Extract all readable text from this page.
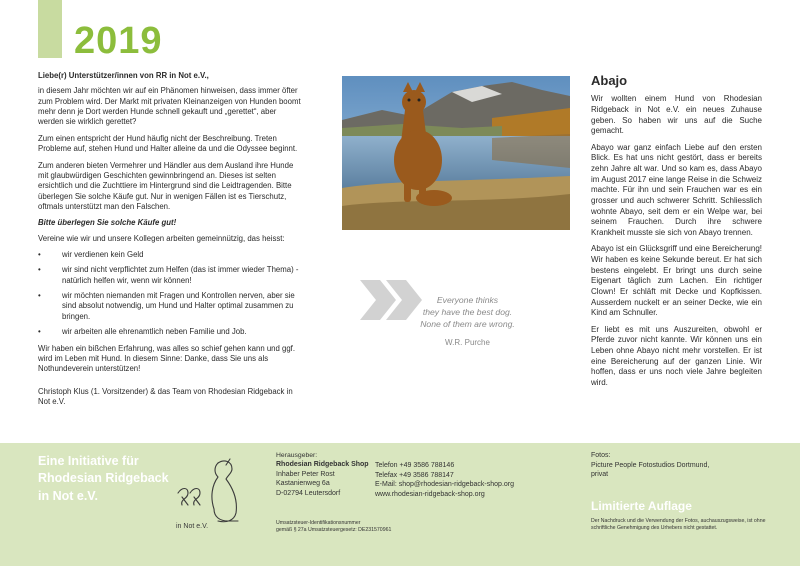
2019

Liebe(r) Unterstützer/innen von RR in Not e.V.,

in diesem Jahr möchten wir auf ein Phänomen hinweisen, dass immer öfter zum Problem wird. Der Markt mit privaten Kleinanzeigen von Hunden boomt mehr denn je Dort werden Hunde schnell gekauft und „gerettet“, aber werden sie wirklich gerettet?

Zum einen entspricht der Hund häufig nicht der Beschreibung. Treten Probleme auf, stehen Hund und Halter alleine da und die Odyssee beginnt.

Zum anderen bieten Vermehrer und Händler aus dem Ausland ihre Hunde mit glaubwürdigen Geschichten gewinnbringend an. Dieses ist selten ersichtlich und die Zuchttiere im Hintergrund sind die Leidtragenden. Bitte überlegen Sie solche Käufe gut. Nur in wenigen Fällen ist es Tierschutz, oftmals unterstützt man den Falschen.

Bitte überlegen Sie solche Käufe gut!

Vereine wie wir und unsere Kollegen arbeiten gemeinnützig, das heisst:

• wir verdienen kein Geld
• wir sind nicht verpflichtet zum Helfen (das ist immer wieder Thema) - natürlich helfen wir, wenn wir können!
• wir möchten niemanden mit Fragen und Kontrollen nerven, aber sie sind absolut notwendig, um Hund und Halter optimal zusammen zu bringen.
• wir arbeiten alle ehrenamtlich neben Familie und Job.

Wir haben ein bißchen Erfahrung, was alles so schief gehen kann und ggf. wird im Leben mit Hund. In diesem Sinne: Danke, dass Sie uns als Nothundeverein unterstützen!

Christoph Klus (1. Vorsitzender) & das Team von Rhodesian Ridgeback in Not e.V.

Everyone thinks
they have the best dog.
None of them are wrong.
W.R. Purche
Abajo

Wir wollten einem Hund von Rhodesian Ridgeback in Not e.V. ein neues Zuhause geben. So haben wir uns auf die Suche gemacht.

Abayo war ganz einfach Liebe auf den ersten Blick. Es hat uns nicht gestört, dass er bereits zehn Jahre alt war. Und so kam es, dass Abayo im August 2017 eine lange Reise in die Schweiz machte. Für ihn und sein Frauchen war es ein grosser und auch schwerer Schritt. Schliesslich wohnte Abayo, seit dem er ein Welpe war, bei seinem Frauchen. Durch ihre schwere Krankheit musste sie sich von Abayo trennen.

Abayo ist ein Glücksgriff und eine Bereicherung! Wir haben es keine Sekunde bereut. Er hat sich bestens eingelebt. Er bringt uns durch seine Eigenart täglich zum Lachen. Ein richtiger Clown! Er schläft mit Decke und Kopfkissen. Ausserdem nuckelt er an seiner Decke, wie ein Kind am Schnuller.

Er liebt es mit uns Auszureiten, obwohl er Pferde zuvor nicht kannte. Wir können uns ein Leben ohne Abayo nicht mehr vorstellen. Er ist eine Bereicherung auf der ganzen Linie. Wir hoffen, dass er uns noch viele Jahre begleiten wird.

Eine Initiative für
Rhodesian Ridgeback
in Not e.V.
in Not e.V.
Herausgeber:
Rhodesian Ridgeback Shop
Inhaber Peter Rost
Kastanienweg 6a
D-02794 Leutersdorf
Telefon +49 3586 788146
Telefax +49 3586 788147
E-Mail: shop@rhodesian-ridgeback-shop.org
www.rhodesian-ridgeback-shop.org
Umsatzsteuer-Identifikationsnummer
gemäß § 27a Umsatzsteuergesetz: DE231570961
Fotos:
Picture People Fotostudios Dortmund,
privat
Limitierte Auflage
Der Nachdruck und die Verwendung der Fotos, auchauszugsweise, ist ohne schriftliche Genehmigung des Urhebers nicht gestattet.
